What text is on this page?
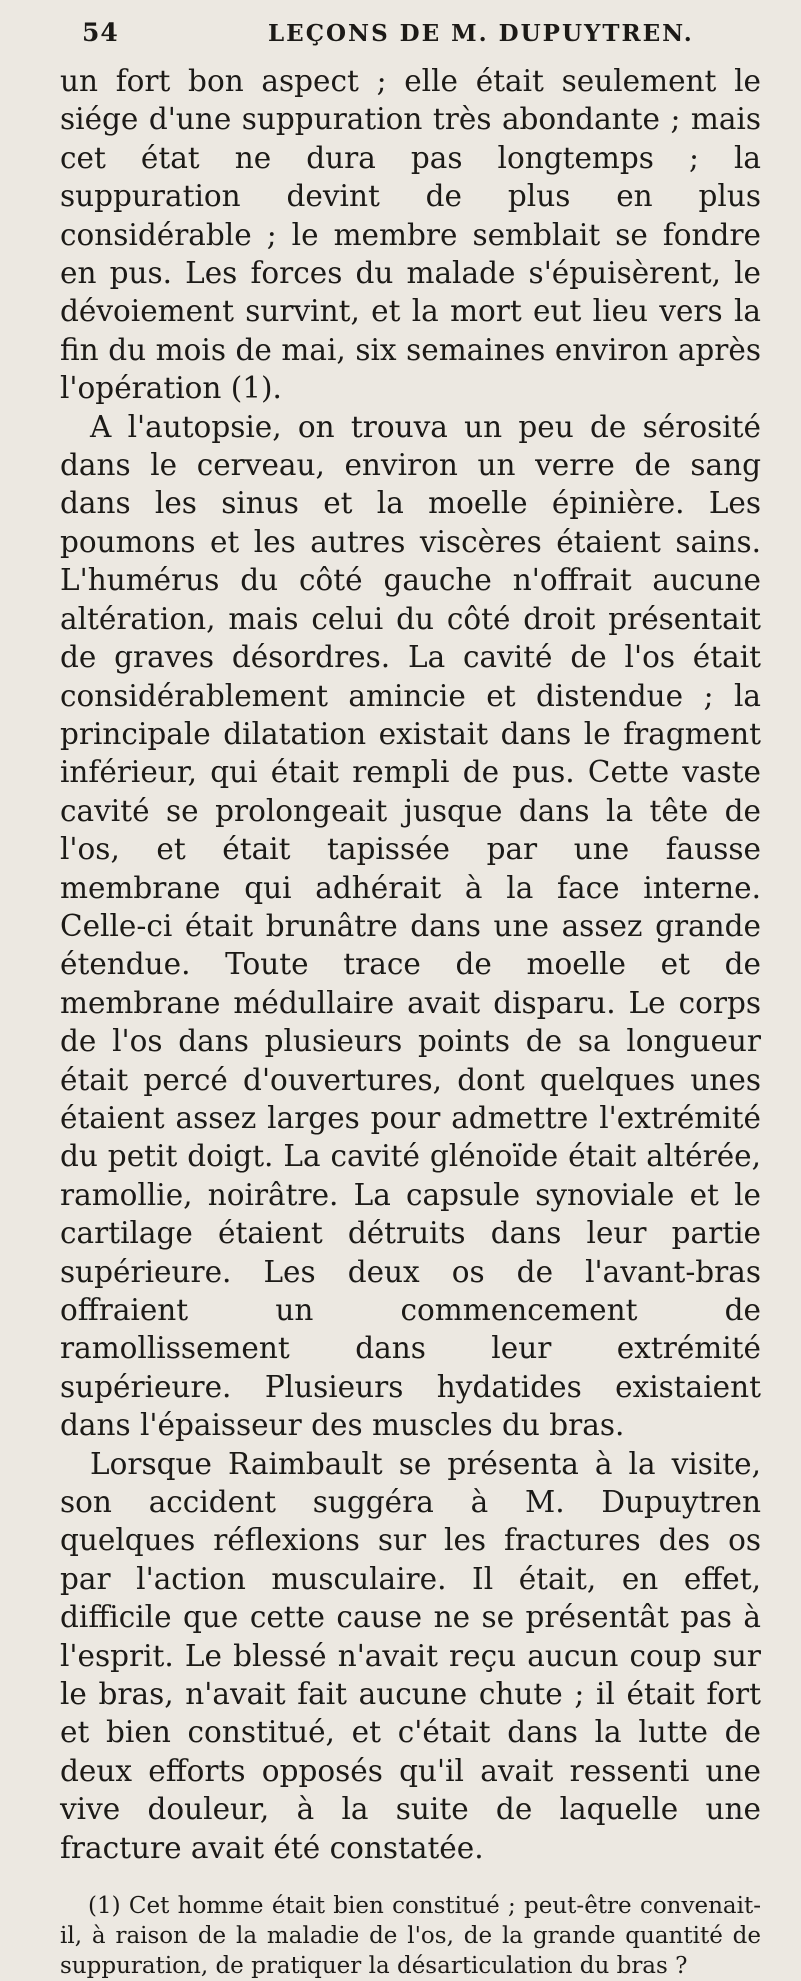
54	LEÇONS DE M. DUPUYTREN.

un fort bon aspect ; elle était seulement le siége d'une suppuration très abondante ; mais cet état ne dura pas longtemps ; la suppuration devint de plus en plus considérable ; le membre semblait se fondre en pus. Les forces du malade s'épuisèrent, le dévoiement survint, et la mort eut lieu vers la fin du mois de mai, six semaines environ après l'opération (1).

A l'autopsie, on trouva un peu de sérosité dans le cerveau, environ un verre de sang dans les sinus et la moelle épinière. Les poumons et les autres viscères étaient sains. L'humérus du côté gauche n'offrait aucune altération, mais celui du côté droit présentait de graves désordres. La cavité de l'os était considérablement amincie et distendue ; la principale dilatation existait dans le fragment inférieur, qui était rempli de pus. Cette vaste cavité se prolongeait jusque dans la tête de l'os, et était tapissée par une fausse membrane qui adhérait à la face interne. Celle-ci était brunâtre dans une assez grande étendue. Toute trace de moelle et de membrane médullaire avait disparu. Le corps de l'os dans plusieurs points de sa longueur était percé d'ouvertures, dont quelques unes étaient assez larges pour admettre l'extrémité du petit doigt. La cavité glénoïde était altérée, ramollie, noirâtre. La capsule synoviale et le cartilage étaient détruits dans leur partie supérieure. Les deux os de l'avant-bras offraient un commencement de ramollissement dans leur extrémité supérieure. Plusieurs hydatides existaient dans l'épaisseur des muscles du bras.

Lorsque Raimbault se présenta à la visite, son accident suggéra à M. Dupuytren quelques réflexions sur les fractures des os par l'action musculaire. Il était, en effet, difficile que cette cause ne se présentât pas à l'esprit. Le blessé n'avait reçu aucun coup sur le bras, n'avait fait aucune chute ; il était fort et bien constitué, et c'était dans la lutte de deux efforts opposés qu'il avait ressenti une vive douleur, à la suite de laquelle une fracture avait été constatée.

(1) Cet homme était bien constitué ; peut-être convenait-il, à raison de la maladie de l'os, de la grande quantité de suppuration, de pratiquer la désarticulation du bras ?
